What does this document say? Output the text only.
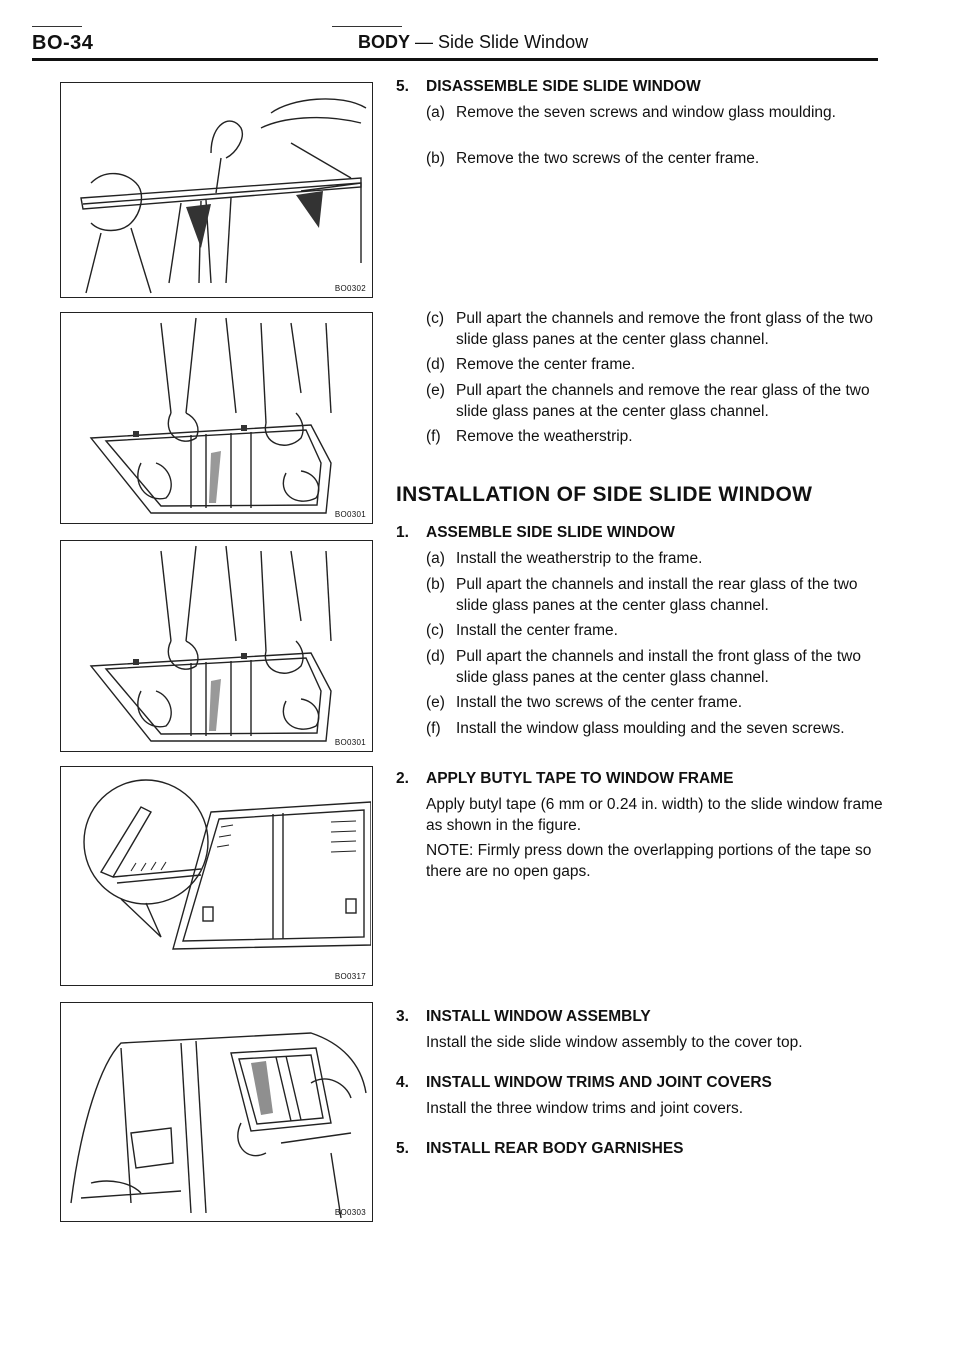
BO-34	BODY — Side Slide Window
BO0302
BO0301
BO0301
BO0317
BO0303
5. DISASSEMBLE SIDE SLIDE WINDOW
(a) Remove the seven screws and window glass moulding.
(b) Remove the two screws of the center frame.
(c) Pull apart the channels and remove the front glass of the two slide glass panes at the center glass channel.
(d) Remove the center frame.
(e) Pull apart the channels and remove the rear glass of the two slide glass panes at the center glass channel.
(f) Remove the weatherstrip.
INSTALLATION OF SIDE SLIDE WINDOW
1. ASSEMBLE SIDE SLIDE WINDOW
(a) Install the weatherstrip to the frame.
(b) Pull apart the channels and install the rear glass of the two slide glass panes at the center glass channel.
(c) Install the center frame.
(d) Pull apart the channels and install the front glass of the two slide glass panes at the center glass channel.
(e) Install the two screws of the center frame.
(f) Install the window glass moulding and the seven screws.
2. APPLY BUTYL TAPE TO WINDOW FRAME
Apply butyl tape (6 mm or 0.24 in. width) to the slide window frame as shown in the figure.
NOTE: Firmly press down the overlapping portions of the tape so there are no open gaps.
3. INSTALL WINDOW ASSEMBLY
Install the side slide window assembly to the cover top.
4. INSTALL WINDOW TRIMS AND JOINT COVERS
Install the three window trims and joint covers.
5. INSTALL REAR BODY GARNISHES
